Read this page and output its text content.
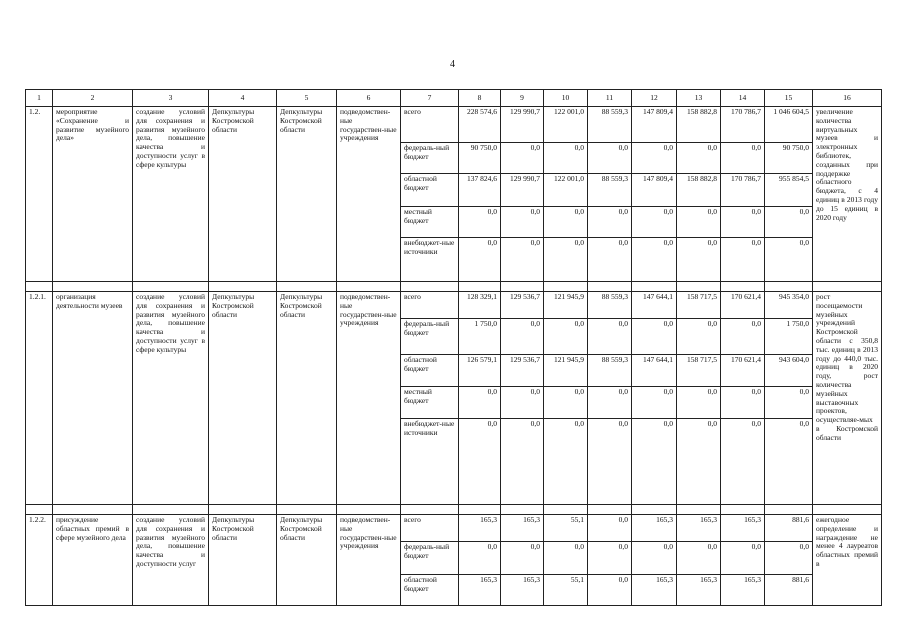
4
1	2	3	4	5	6	7	8	9	10	11	12	13	14	15	16
1.2.	мероприятие «Сохранение и развитие музейного дела»	создание условий для сохранения и развития музейного дела, повышение качества и доступности услуг в сфере культуры	Депкультуры Костромской области	Депкультуры Костромской области	подведомствен-ные государствен-ные учреждения	всего	228 574,6	129 990,7	122 001,0	88 559,3	147 809,4	158 882,8	170 786,7	1 046 604,5	увеличение количества виртуальных музеев и электронных библиотек, созданных при поддержке областного бюджета, с 4 единиц в 2013 году до 15 единиц в 2020 году
						федераль-ный бюджет	90 750,0	0,0	0,0	0,0	0,0	0,0	0,0	90 750,0	
						областной бюджет	137 824,6	129 990,7	122 001,0	88 559,3	147 809,4	158 882,8	170 786,7	955 854,5	
						местный бюджет	0,0	0,0	0,0	0,0	0,0	0,0	0,0	0,0	
						внебюджет-ные источники	0,0	0,0	0,0	0,0	0,0	0,0	0,0	0,0	

1.2.1.	организация деятельности музеев	создание условий для сохранения и развития музейного дела, повышение качества и доступности услуг в сфере культуры	Депкультуры Костромской области	Депкультуры Костромской области	подведомствен-ные государствен-ные учреждения	всего	128 329,1	129 536,7	121 945,9	88 559,3	147 644,1	158 717,5	170 621,4	945 354,0	рост посещаемости музейных учреждений Костромской области с 350,8 тыс. единиц в 2013 году до 440,0 тыс. единиц в 2020 году, рост количества музейных выставочных проектов, осуществляе-мых в Костромской области
						федераль-ный бюджет	1 750,0	0,0	0,0	0,0	0,0	0,0	0,0	1 750,0	
						областной бюджет	126 579,1	129 536,7	121 945,9	88 559,3	147 644,1	158 717,5	170 621,4	943 604,0	
						местный бюджет	0,0	0,0	0,0	0,0	0,0	0,0	0,0	0,0	
						внебюджет-ные источники	0,0	0,0	0,0	0,0	0,0	0,0	0,0	0,0	

1.2.2.	присуждение областных премий в сфере музейного дела	создание условий для сохранения и развития музейного дела, повышение качества и доступности услуг	Депкультуры Костромской области	Депкультуры Костромской области	подведомствен-ные государствен-ные учреждения	всего	165,3	165,3	55,1	0,0	165,3	165,3	165,3	881,6	ежегодное определение и награждение не менее 4 лауреатов областных премий в
						федераль-ный бюджет	0,0	0,0	0,0	0,0	0,0	0,0	0,0	0,0	
						областной бюджет	165,3	165,3	55,1	0,0	165,3	165,3	165,3	881,6	
